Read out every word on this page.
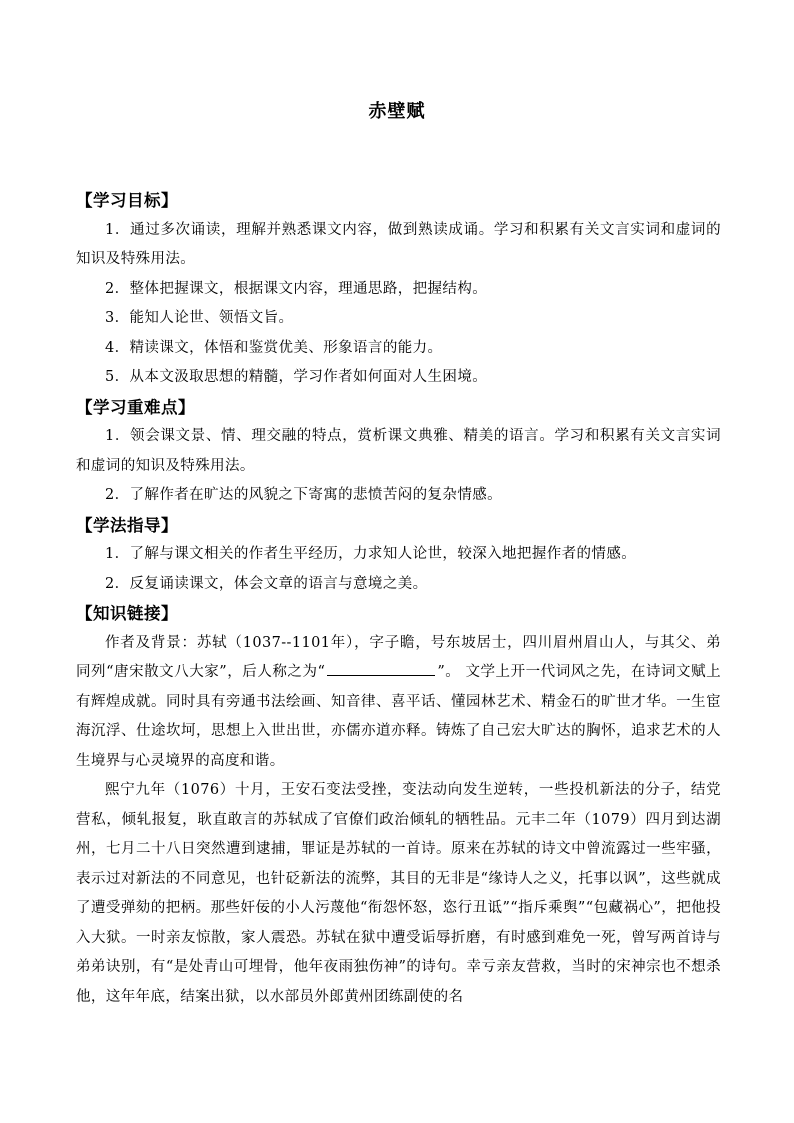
赤壁赋

【学习目标】

1．通过多次诵读，理解并熟悉课文内容，做到熟读成诵。学习和积累有关文言实词和虚词的知识及特殊用法。

2．整体把握课文，根据课文内容，理通思路，把握结构。

3．能知人论世、领悟文旨。

4．精读课文，体悟和鉴赏优美、形象语言的能力。

5．从本文汲取思想的精髓，学习作者如何面对人生困境。

【学习重难点】

1．领会课文景、情、理交融的特点，赏析课文典雅、精美的语言。学习和积累有关文言实词和虚词的知识及特殊用法。

2．了解作者在旷达的风貌之下寄寓的悲愤苦闷的复杂情感。

【学法指导】

1．了解与课文相关的作者生平经历，力求知人论世，较深入地把握作者的情感。

2．反复诵读课文，体会文章的语言与意境之美。

【知识链接】

作者及背景：苏轼（1037--1101年），字子瞻，号东坡居士，四川眉州眉山人，与其父、弟同列“唐宋散文八大家”，后人称之为“	”。 文学上开一代词风之先，在诗词文赋上有辉煌成就。同时具有旁通书法绘画、知音律、喜平话、懂园林艺术、精金石的旷世才华。一生宦海沉浮、仕途坎坷，思想上入世出世，亦儒亦道亦释。铸炼了自己宏大旷达的胸怀，追求艺术的人生境界与心灵境界的高度和谐。

熙宁九年（1076）十月，王安石变法受挫，变法动向发生逆转，一些投机新法的分子，结党营私，倾轧报复，耿直敢言的苏轼成了官僚们政治倾轧的牺牲品。元丰二年（1079）四月到达湖州，七月二十八日突然遭到逮捕，罪证是苏轼的一首诗。原来在苏轼的诗文中曾流露过一些牢骚，表示过对新法的不同意见，也针砭新法的流弊，其目的无非是“缘诗人之义，托事以讽”，这些就成了遭受弹劾的把柄。那些奸佞的小人污蔑他“衔怨怀怒，恣行丑诋”“指斥乘舆”“包藏祸心”，把他投入大狱。一时亲友惊散，家人震恐。苏轼在狱中遭受诟辱折磨，有时感到难免一死，曾写两首诗与弟弟诀别，有“是处青山可埋骨，他年夜雨独伤神”的诗句。幸亏亲友营救，当时的宋神宗也不想杀他，这年年底，结案出狱，以水部员外郎黄州团练副使的名
